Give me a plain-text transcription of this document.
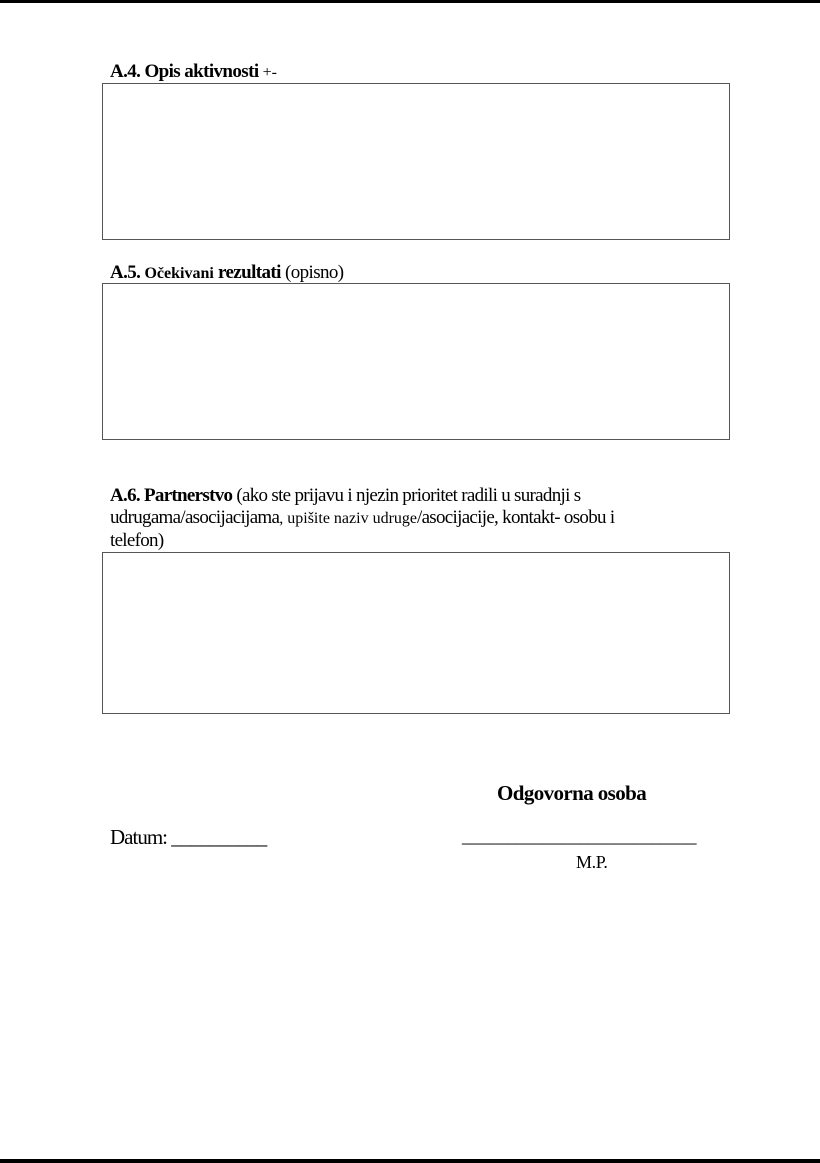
A.4. Opis aktivnosti +-
A.5. Očekivani rezultati (opisno)
A.6. Partnerstvo (ako ste prijavu i njezin prioritet radili u suradnji s udrugama/asocijacijama, upišite naziv udruge/asocijacije, kontakt- osobu i telefon)
Odgovorna osoba
Datum: __________	__________________________
M.P.
